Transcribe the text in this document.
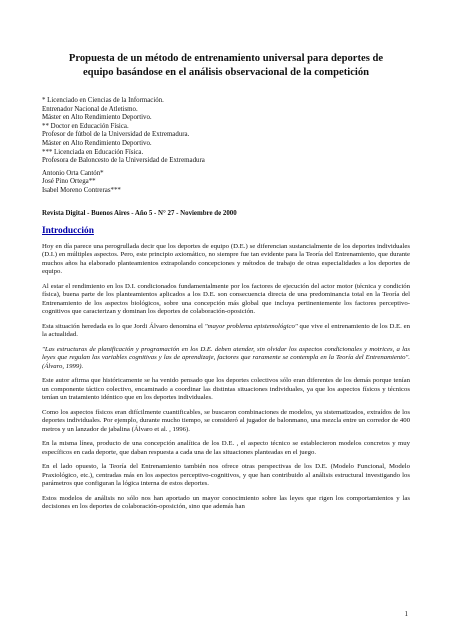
Propuesta de un método de entrenamiento universal para deportes de
equipo basándose en el análisis observacional de la competición
* Licenciado en Ciencias de la Información.
Entrenador Nacional de Atletismo.
Máster en Alto Rendimiento Deportivo.
** Doctor en Educación Física.
Profesor de fútbol de la Universidad de Extremadura.
Máster en Alto Rendimiento Deportivo.
*** Licenciada en Educación Física.
Profesora de Baloncesto de la Universidad de Extremadura
Antonio Orta Cantón*
José Pino Ortega**
Isabel Moreno Contreras***
Revista Digital - Buenos Aires - Año 5 - N° 27 - Noviembre de 2000
Introducción

Hoy en día parece una perogrullada decir que los deportes de equipo (D.E.) se diferencian sustancialmente de los deportes individuales (D.I.) en múltiples aspectos. Pero, este principio axiomático, no siempre fue tan evidente para la Teoría del Entrenamiento, que durante muchos años ha elaborado planteamientos extrapolando concepciones y métodos de trabajo de otras especialidades a los deportes de equipo.

Al estar el rendimiento en los D.I. condicionados fundamentalmente por los factores de ejecución del actor motor (técnica y condición física), buena parte de los planteamientos aplicados a los D.E. son consecuencia directa de una predominancia total en la Teoría del Entrenamiento de los aspectos biológicos, sobre una concepción más global que incluya pertinentemente los factores perceptivo-cognitivos que caracterizan y dominan los deportes de colaboración-oposición.

Esta situación heredada es lo que Jordi Álvaro denomina el "mayor problema epistemológico" que vive el entrenamiento de los D.E. en la actualidad.

"Las estructuras de planificación y programación en los D.E. deben atender, sin olvidar los aspectos condicionales y motrices, a las leyes que regulan las variables cognitivas y las de aprendizaje, factores que raramente se contempla en la Teoría del Entrenamiento". (Álvaro, 1999).

Este autor afirma que históricamente se ha venido pensado que los deportes colectivos sólo eran diferentes de los demás porque tenían un componente táctico colectivo, encaminado a coordinar las distintas situaciones individuales, ya que los aspectos físicos y técnicos tenían un tratamiento idéntico que en los deportes individuales.

Como los aspectos físicos eran difícilmente cuantificables, se buscaron combinaciones de modelos, ya sistematizados, extraídos de los deportes individuales. Por ejemplo, durante mucho tiempo, se consideró al jugador de balonmano, una mezcla entre un corredor de 400 metros y un lanzador de jabalina (Álvaro et al. , 1996).

En la misma línea, producto de una concepción analítica de los D.E. , el aspecto técnico se establecieron modelos concretos y muy específicos en cada deporte, que daban respuesta a cada una de las situaciones planteadas en el juego.

En el lado opuesto, la Teoría del Entrenamiento también nos ofrece otras perspectivas de los D.E. (Modelo Funcional, Modelo Praxiológico, etc.), centradas más en los aspectos perceptivo-cognitivos, y que han contribuido al análisis estructural investigando los parámetros que configuran la lógica interna de estos deportes.

Estos modelos de análisis no sólo nos han aportado un mayor conocimiento sobre las leyes que rigen los comportamientos y las decisiones en los deportes de colaboración-oposición, sino que además han

1
